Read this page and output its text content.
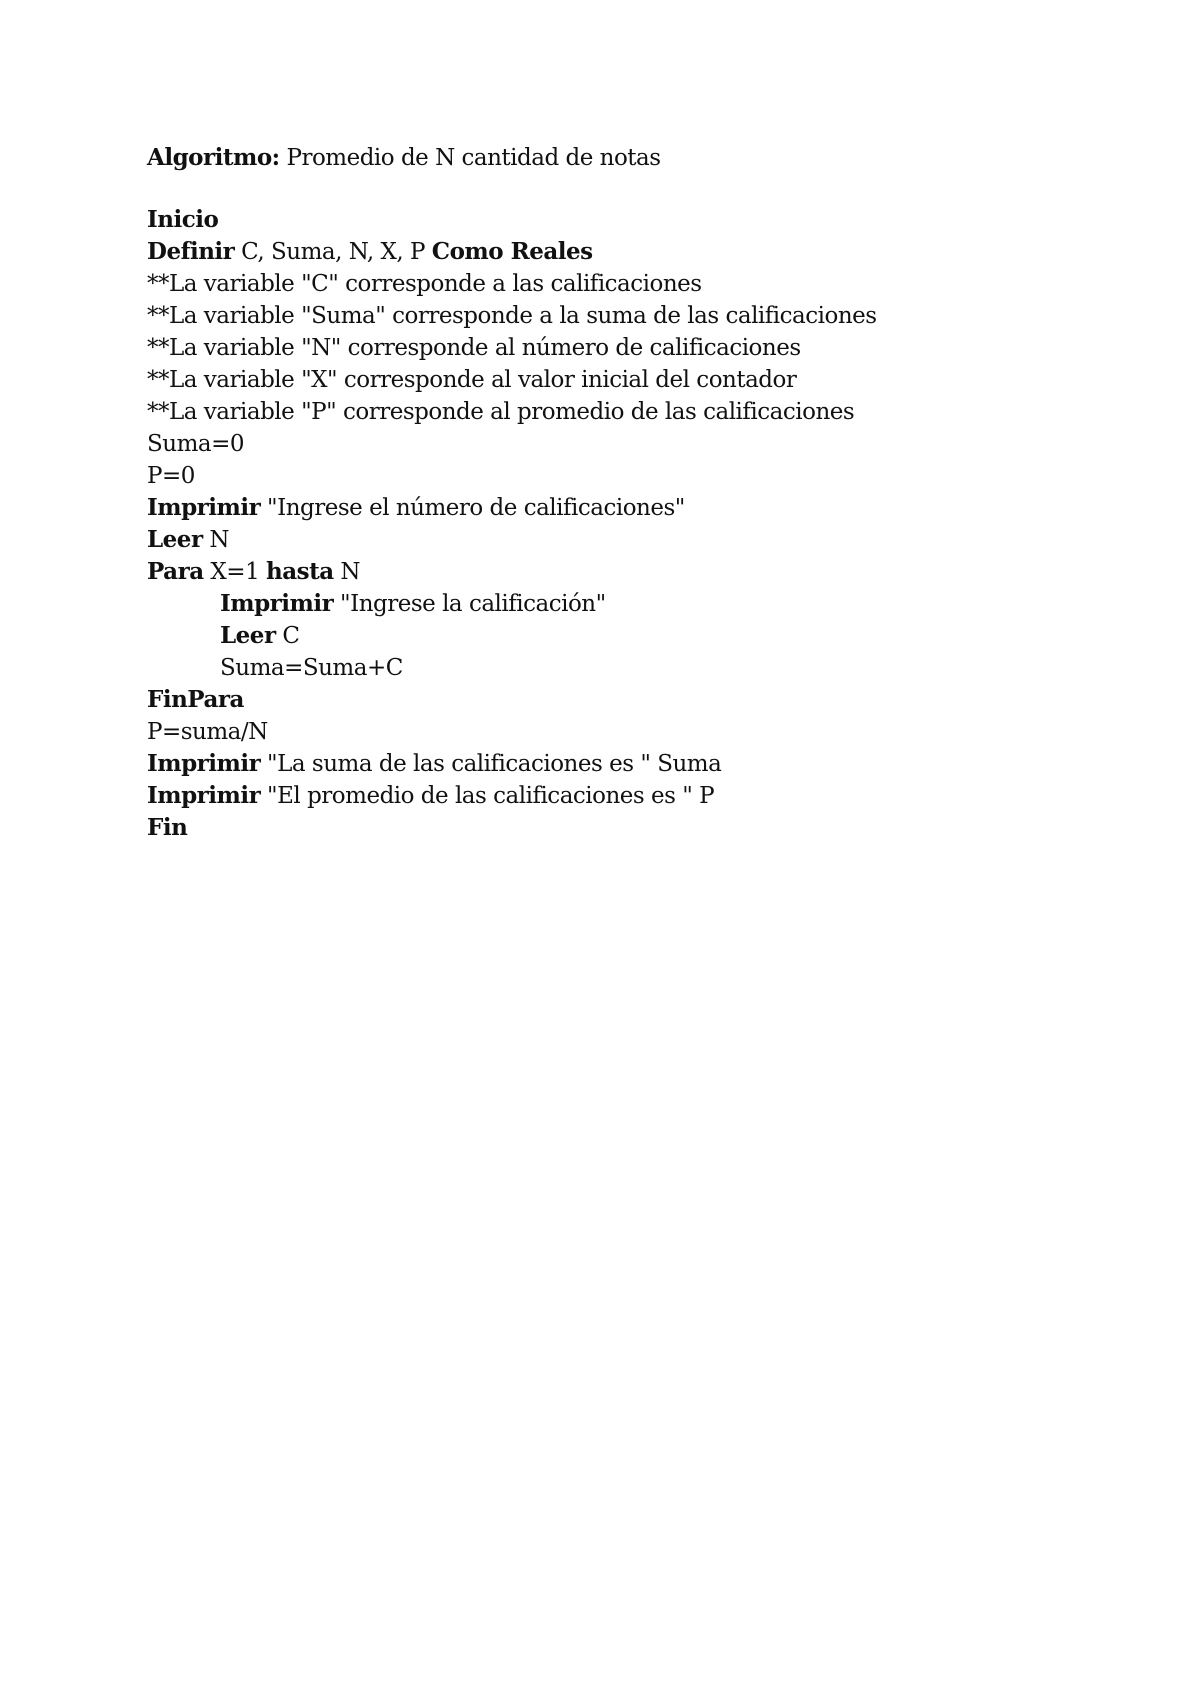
Algoritmo: Promedio de N cantidad de notas
Inicio
Definir C, Suma, N, X, P Como Reales
**La variable "C" corresponde a las calificaciones
**La variable "Suma" corresponde a la suma de las calificaciones
**La variable "N" corresponde al número de calificaciones
**La variable "X" corresponde al valor inicial del contador
**La variable "P" corresponde al promedio de las calificaciones
Suma=0
P=0
Imprimir "Ingrese el número de calificaciones"
Leer N
Para X=1 hasta N
Imprimir "Ingrese la calificación"
Leer C
Suma=Suma+C
FinPara
P=suma/N
Imprimir "La suma de las calificaciones es " Suma
Imprimir "El promedio de las calificaciones es " P
Fin
